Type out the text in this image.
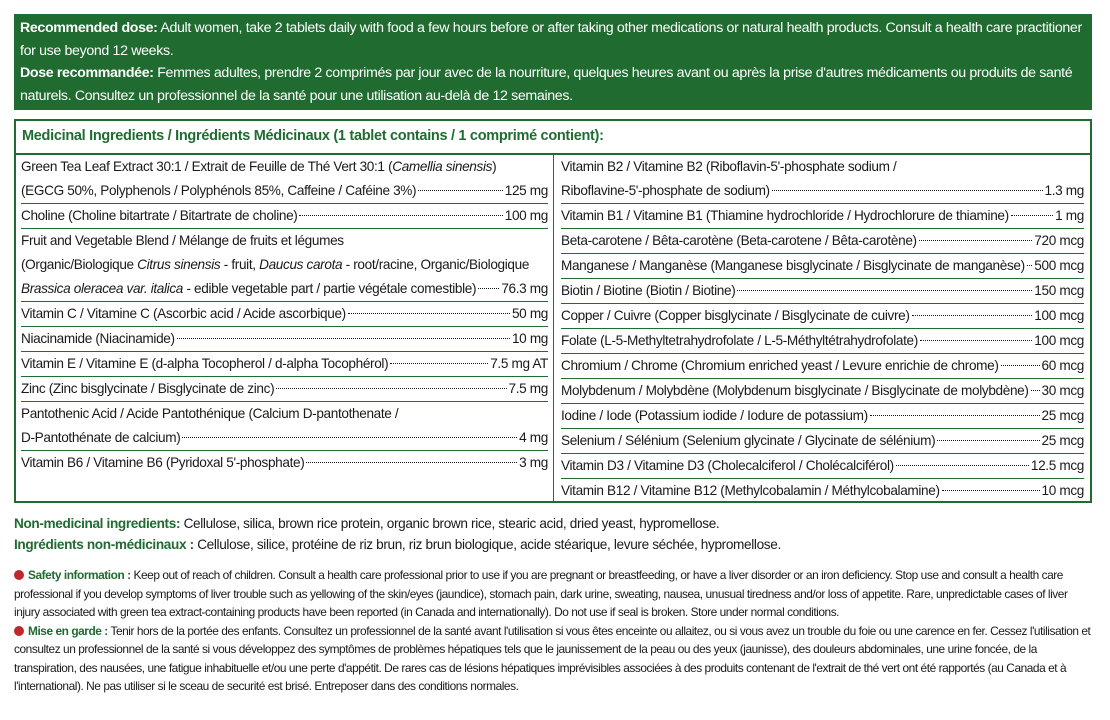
Recommended dose: Adult women, take 2 tablets daily with food a few hours before or after taking other medications or natural health products. Consult a health care practitioner for use beyond 12 weeks.
Dose recommandée: Femmes adultes, prendre 2 comprimés par jour avec de la nourriture, quelques heures avant ou après la prise d'autres médicaments ou produits de santé naturels. Consultez un professionnel de la santé pour une utilisation au-delà de 12 semaines.
Medicinal Ingredients / Ingrédients Médicinaux (1 tablet contains / 1 comprimé contient):
Green Tea Leaf Extract 30:1 / Extrait de Feuille de Thé Vert 30:1 (Camellia sinensis)
(EGCG 50%, Polyphenols / Polyphénols 85%, Caffeine / Caféine 3%)	125 mg
Choline (Choline bitartrate / Bitartrate de choline)	100 mg
Fruit and Vegetable Blend / Mélange de fruits et légumes
(Organic/Biologique Citrus sinensis - fruit, Daucus carota - root/racine, Organic/Biologique
Brassica oleracea var. italica - edible vegetable part / partie végétale comestible) 76.3 mg
Vitamin C / Vitamine C (Ascorbic acid / Acide ascorbique)	50 mg
Niacinamide (Niacinamide)	10 mg
Vitamin E / Vitamine E (d-alpha Tocopherol / d-alpha Tocophérol)	7.5 mg AT
Zinc (Zinc bisglycinate / Bisglycinate de zinc)	7.5 mg
Pantothenic Acid / Acide Pantothénique (Calcium D-pantothenate /
D-Pantothénate de calcium)	4 mg
Vitamin B6 / Vitamine B6 (Pyridoxal 5'-phosphate)	3 mg
Vitamin B2 / Vitamine B2 (Riboflavin-5'-phosphate sodium /
Riboflavine-5'-phosphate de sodium)	1.3 mg
Vitamin B1 / Vitamine B1 (Thiamine hydrochloride / Hydrochlorure de thiamine)	1 mg
Beta-carotene / Bêta-carotène (Beta-carotene / Bêta-carotène)	720 mcg
Manganese / Manganèse (Manganese bisglycinate / Bisglycinate de manganèse) 500 mcg
Biotin / Biotine (Biotin / Biotine)	150 mcg
Copper / Cuivre (Copper bisglycinate / Bisglycinate de cuivre)	100 mcg
Folate (L-5-Methyltetrahydrofolate / L-5-Méthyltétrahydrofolate)	100 mcg
Chromium / Chrome (Chromium enriched yeast / Levure enrichie de chrome)	60 mcg
Molybdenum / Molybdène (Molybdenum bisglycinate / Bisglycinate de molybdène) 30 mcg
Iodine / Iode (Potassium iodide / Iodure de potassium)	25 mcg
Selenium / Sélénium (Selenium glycinate / Glycinate de sélénium)	25 mcg
Vitamin D3 / Vitamine D3 (Cholecalciferol / Cholécalciférol)	12.5 mcg
Vitamin B12 / Vitamine B12 (Methylcobalamin / Méthylcobalamine)	10 mcg
Non-medicinal ingredients: Cellulose, silica, brown rice protein, organic brown rice, stearic acid, dried yeast, hypromellose.
Ingrédients non-médicinaux : Cellulose, silice, protéine de riz brun, riz brun biologique, acide stéarique, levure séchée, hypromellose.
Safety information : Keep out of reach of children. Consult a health care professional prior to use if you are pregnant or breastfeeding, or have a liver disorder or an iron deficiency. Stop use and consult a health care professional if you develop symptoms of liver trouble such as yellowing of the skin/eyes (jaundice), stomach pain, dark urine, sweating, nausea, unusual tiredness and/or loss of appetite. Rare, unpredictable cases of liver injury associated with green tea extract-containing products have been reported (in Canada and internationally). Do not use if seal is broken. Store under normal conditions.
Mise en garde : Tenir hors de la portée des enfants. Consultez un professionnel de la santé avant l'utilisation si vous êtes enceinte ou allaitez, ou si vous avez un trouble du foie ou une carence en fer. Cessez l'utilisation et consultez un professionnel de la santé si vous développez des symptômes de problèmes hépatiques tels que le jaunissement de la peau ou des yeux (jaunisse), des douleurs abdominales, une urine foncée, de la transpiration, des nausées, une fatigue inhabituelle et/ou une perte d'appétit. De rares cas de lésions hépatiques imprévisibles associées à des produits contenant de l'extrait de thé vert ont été rapportés (au Canada et à l'international). Ne pas utiliser si le sceau de securité est brisé. Entreposer dans des conditions normales.
